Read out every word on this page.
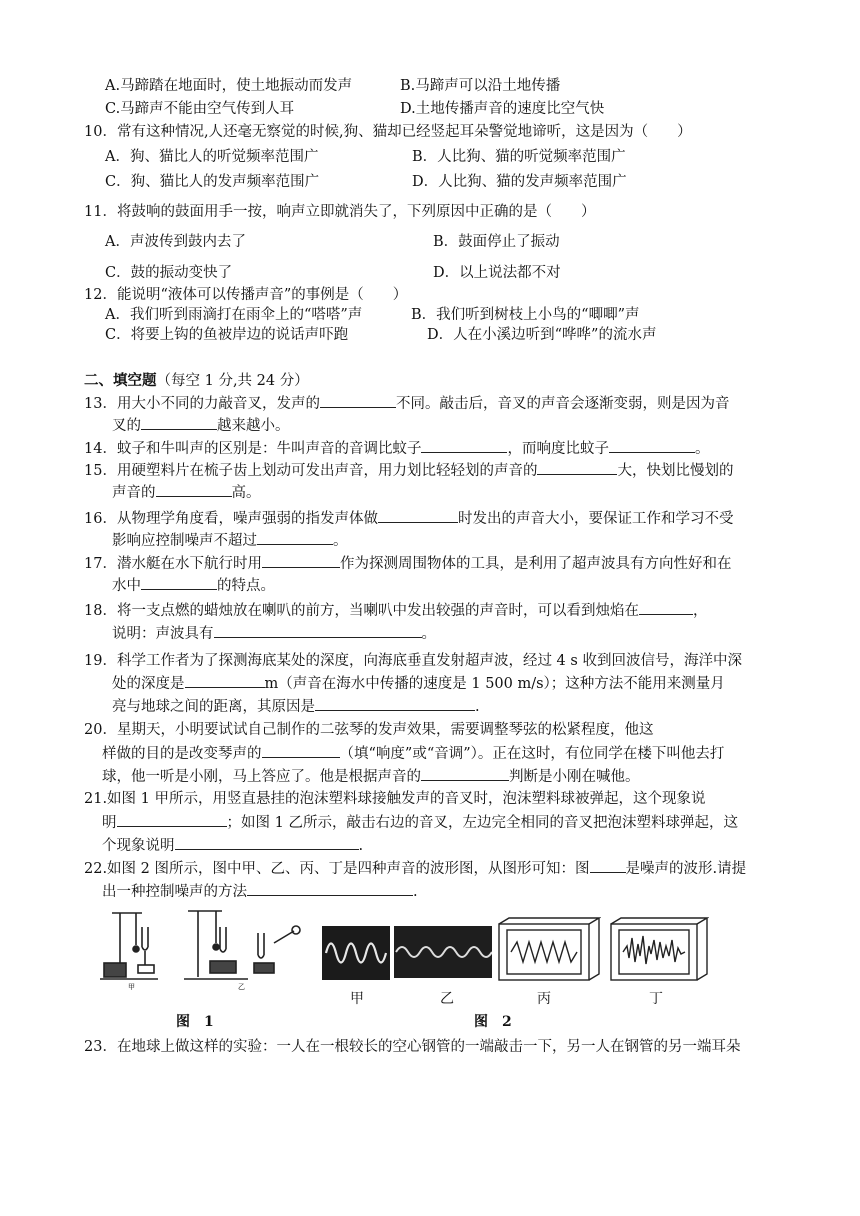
A.马蹄踏在地面时，使土地振动而发声	B.马蹄声可以沿土地传播
C.马蹄声不能由空气传到人耳	D.土地传播声音的速度比空气快
10．常有这种情况,人还毫无察觉的时候,狗、猫却已经竖起耳朵警觉地谛听，这是因为（　　）
A．狗、猫比人的听觉频率范围广	B．人比狗、猫的听觉频率范围广
C．狗、猫比人的发声频率范围广	D．人比狗、猫的发声频率范围广
11．将鼓响的鼓面用手一按，响声立即就消失了，下列原因中正确的是（　　）
A．声波传到鼓内去了	B．鼓面停止了振动
C．鼓的振动变快了	D．以上说法都不对
12．能说明“液体可以传播声音”的事例是（　　）
A．我们听到雨滴打在雨伞上的“嗒嗒”声	B．我们听到树枝上小鸟的“唧唧”声
C．将要上钩的鱼被岸边的说话声吓跑	D．人在小溪边听到“哗哗”的流水声
二、填空题（每空 1 分,共 24 分）
13．用大小不同的力敲音叉，发声的	不同。敲击后，音叉的声音会逐渐变弱，则是因为音
叉的	越来越小。
14．蚊子和牛叫声的区别是：牛叫声音的音调比蚊子	，而响度比蚊子	。
15．用硬塑料片在梳子齿上划动可发出声音，用力划比轻轻划的声音的	大，快划比慢划的
声音的	高。
16．从物理学角度看，噪声强弱的指发声体做	时发出的声音大小，要保证工作和学习不受
影响应控制噪声不超过	。
17．潜水艇在水下航行时用	作为探测周围物体的工具，是利用了超声波具有方向性好和在
水中	的特点。
18．将一支点燃的蜡烛放在喇叭的前方，当喇叭中发出较强的声音时，可以看到烛焰在	，
说明：声波具有	。
19．科学工作者为了探测海底某处的深度，向海底垂直发射超声波，经过 4 s 收到回波信号，海洋中深
处的深度是	m（声音在海水中传播的速度是 1 500 m/s）；这种方法不能用来测量月
亮与地球之间的距离，其原因是	.
20．星期天，小明要试试自己制作的二弦琴的发声效果，需要调整琴弦的松紧程度，他这
样做的目的是改变琴声的	（填“响度”或“音调”）。正在这时，有位同学在楼下叫他去打
球，他一听是小刚，马上答应了。他是根据声音的	判断是小刚在喊他。
21.如图 1 甲所示，用竖直悬挂的泡沫塑料球接触发声的音叉时，泡沫塑料球被弹起，这个现象说
明	；如图 1 乙所示，敲击右边的音叉，左边完全相同的音叉把泡沫塑料球弹起，这
个现象说明	.
22.如图 2 图所示，图中甲、乙、丙、丁是四种声音的波形图，从图形可知：图 是噪声的波形.请提
出一种控制噪声的方法	.
甲	乙
甲	乙	丙	丁
图　1	图　2
23．在地球上做这样的实验：一人在一根较长的空心钢管的一端敲击一下，另一人在钢管的另一端耳朵
